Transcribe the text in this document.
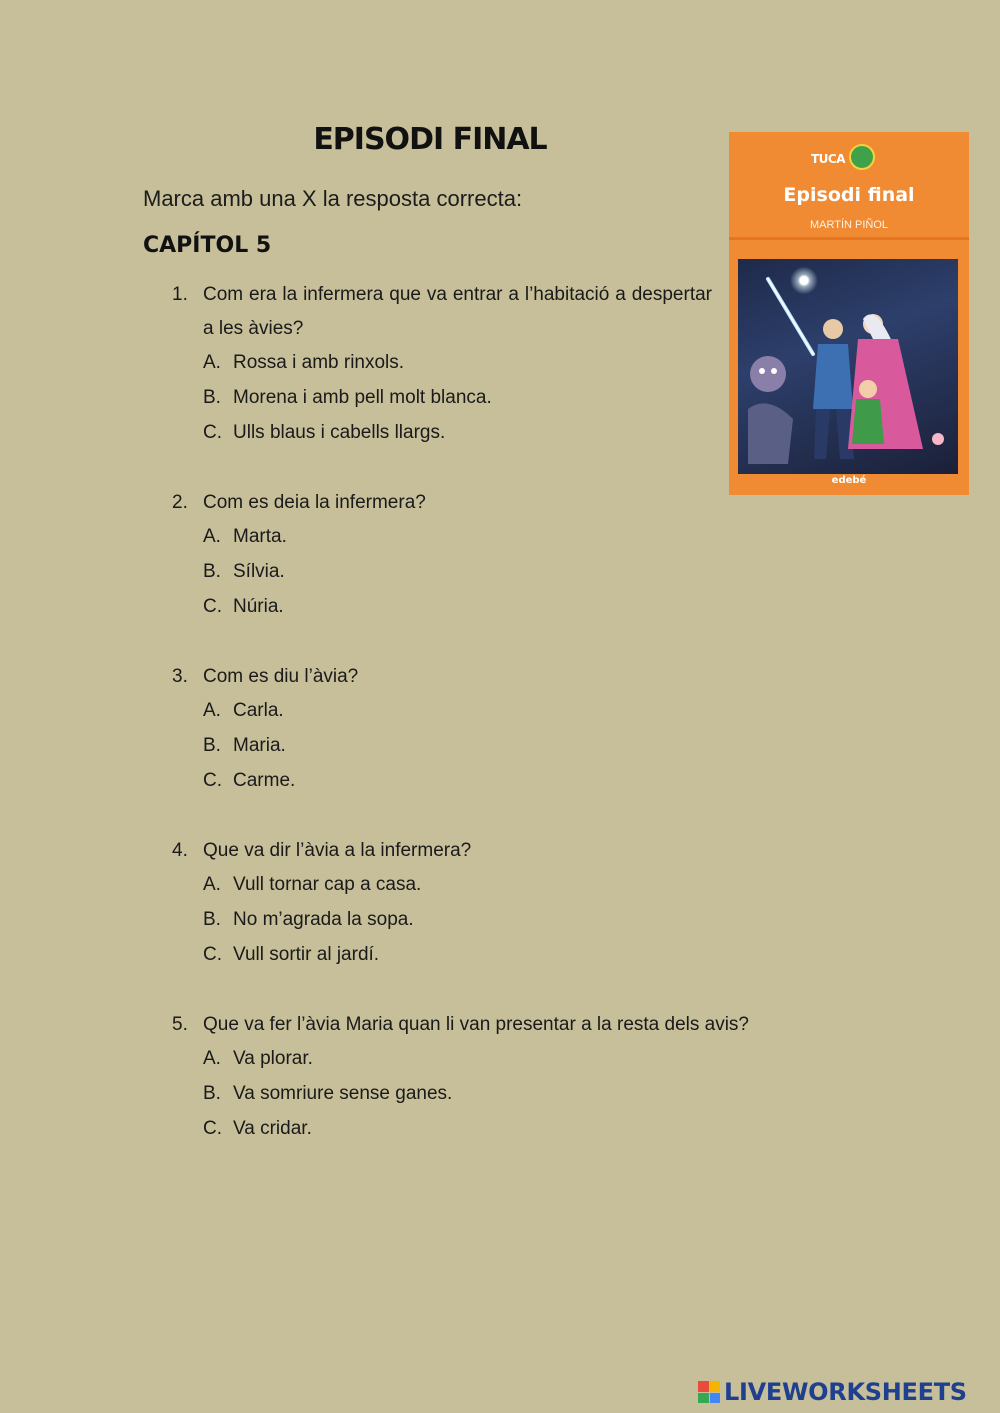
EPISODI FINAL
Marca amb una X la resposta correcta:
CAPÍTOL 5
1. Com era la infermera que va entrar a l’habitació a despertar a les àvies?
A. Rossa i amb rinxols.
B. Morena i amb pell molt blanca.
C. Ulls blaus i cabells llargs.
2. Com es deia la infermera?
A. Marta.
B. Sílvia.
C. Núria.
3. Com es diu l’àvia?
A. Carla.
B. Maria.
C. Carme.
4. Que va dir l’àvia a la infermera?
A. Vull tornar cap a casa.
B. No m’agrada la sopa.
C. Vull sortir al jardí.
5. Que va fer l’àvia Maria quan li van presentar a la resta dels avis?
A. Va plorar.
B. Va somriure sense ganes.
C. Va cridar.
TUCA
Episodi final
MARTÍN PIÑOL
edebé
LIVEWORKSHEETS
